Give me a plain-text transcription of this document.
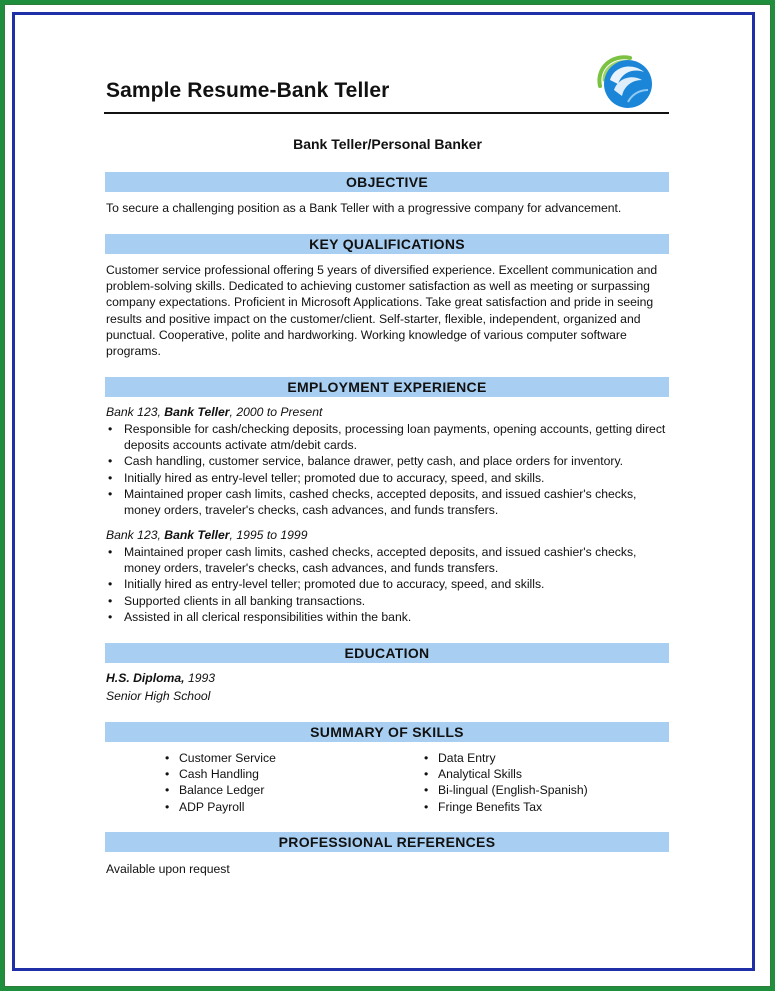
Sample Resume-Bank Teller
Bank Teller/Personal Banker
OBJECTIVE
To secure a challenging position as a Bank Teller with a progressive company for advancement.
KEY QUALIFICATIONS
Customer service professional offering 5 years of diversified experience. Excellent communication and problem-solving skills. Dedicated to achieving customer satisfaction as well as meeting or surpassing company expectations. Proficient in Microsoft Applications. Take great satisfaction and pride in seeing results and positive impact on the customer/client. Self-starter, flexible, independent, organized and punctual. Cooperative, polite and hardworking. Working knowledge of various computer software programs.
EMPLOYMENT EXPERIENCE
Bank 123, Bank Teller, 2000 to Present
• Responsible for cash/checking deposits, processing loan payments, opening accounts, getting direct deposits accounts activate atm/debit cards.
• Cash handling, customer service, balance drawer, petty cash, and place orders for inventory.
• Initially hired as entry-level teller; promoted due to accuracy, speed, and skills.
• Maintained proper cash limits, cashed checks, accepted deposits, and issued cashier's checks, money orders, traveler's checks, cash advances, and funds transfers.
Bank 123, Bank Teller, 1995 to 1999
• Maintained proper cash limits, cashed checks, accepted deposits, and issued cashier's checks, money orders, traveler's checks, cash advances, and funds transfers.
• Initially hired as entry-level teller; promoted due to accuracy, speed, and skills.
• Supported clients in all banking transactions.
• Assisted in all clerical responsibilities within the bank.
EDUCATION
H.S. Diploma, 1993
Senior High School
SUMMARY OF SKILLS
• Customer Service
• Cash Handling
• Balance Ledger
• ADP Payroll
• Data Entry
• Analytical Skills
• Bi-lingual (English-Spanish)
• Fringe Benefits Tax
PROFESSIONAL REFERENCES
Available upon request
